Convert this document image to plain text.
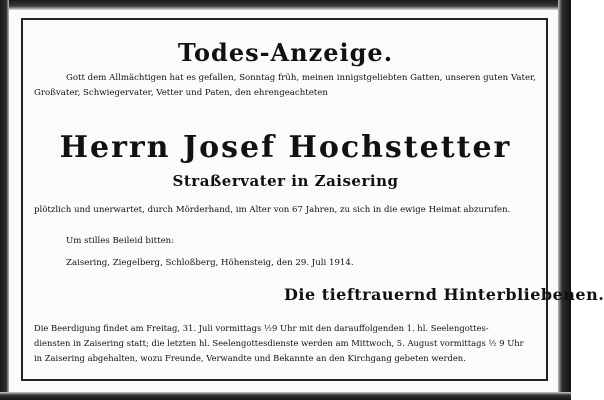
Todes-Anzeige.
Gott dem Allmächtigen hat es gefallen, Sonntag früh, meinen innigstgeliebten Gatten, unseren guten Vater,
Großvater, Schwiegervater, Vetter und Paten, den ehrengeachteten
Herrn Josef Hochstetter
Straßervater in Zaisering
plötzlich und unerwartet, durch Mörderhand, im Alter von 67 Jahren, zu sich in die ewige Heimat abzurufen.
Um stilles Beileid bitten:
Zaisering, Ziegelberg, Schloßberg, Höhensteig, den 29. Juli 1914.
Die tieftrauernd Hinterbliebenen.
Die Beerdigung findet am Freitag, 31. Juli vormittags ½9 Uhr mit den darauffolgenden 1. hl. Seelengottes-
diensten in Zaisering statt; die letzten hl. Seelengottesdienste werden am Mittwoch, 5. August vormittags ½ 9 Uhr
in Zaisering abgehalten, wozu Freunde, Verwandte und Bekannte an den Kirchgang gebeten werden.
